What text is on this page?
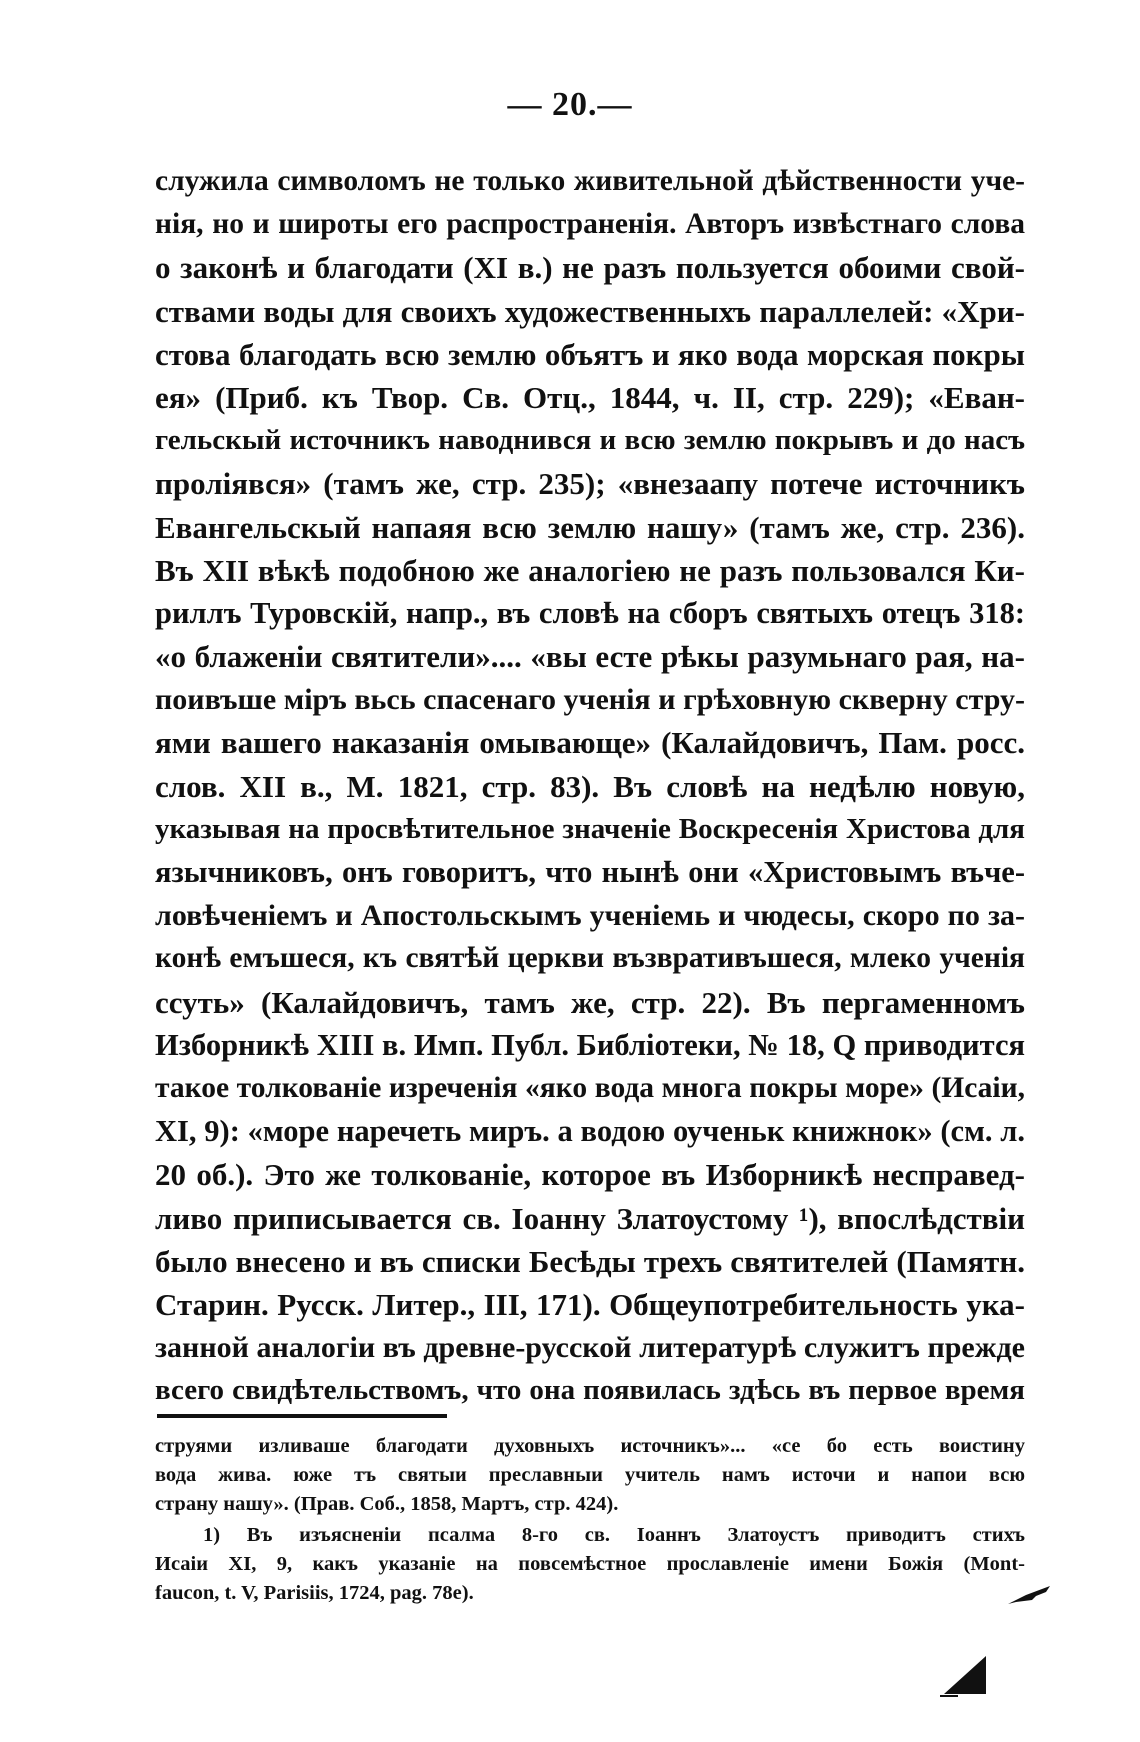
— 20.—
служила символомъ не только живительной дѣйственности уче-
нія, но и широты его распространенія. Авторъ извѣстнаго слова
о законѣ и благодати (XI в.) не разъ пользуется обоими свой-
ствами воды для своихъ художественныхъ параллелей: «Хри-
стова благодать всю землю объятъ и яко вода морская покры
ея» (Приб. къ Твор. Св. Отц., 1844, ч. II, стр. 229); «Еван-
гельскый источникъ наводнився и всю землю покрывъ и до насъ
проліявся» (тамъ же, стр. 235); «внезаапу потече источникъ
Евангельскый напаяя всю землю нашу» (тамъ же, стр. 236).
Въ XII вѣкѣ подобною же аналогіею не разъ пользовался Ки-
риллъ Туровскій, напр., въ словѣ на сборъ святыхъ отецъ 318:
«о блаженіи святители».... «вы есте рѣкы разумьнаго рая, на-
поивъше міръ вьсь спасенаго ученія и грѣховную скверну стру-
ями вашего наказанія омывающе» (Калайдовичъ, Пам. росс.
слов. XII в., М. 1821, стр. 83). Въ словѣ на недѣлю новую,
указывая на просвѣтительное значеніе Воскресенія Христова для
язычниковъ, онъ говоритъ, что нынѣ они «Христовымъ въче-
ловѣченіемъ и Апостольскымъ ученіемь и чюдесы, скоро по за-
конѣ емъшеся, къ святѣй церкви възвративъшеся, млеко ученія
ссуть» (Калайдовичъ, тамъ же, стр. 22). Въ пергаменномъ
Изборникѣ XIII в. Имп. Публ. Библіотеки, № 18, Q приводится
такое толкованіе изреченія «яко вода многа покры море» (Исаіи,
XI, 9): «море наречеть миръ. а водою оученьк книжнок» (см. л.
20 об.). Это же толкованіе, которое въ Изборникѣ несправед-
ливо приписывается св. Іоанну Златоустому ¹), впослѣдствіи
было внесено и въ списки Бесѣды трехъ святителей (Памятн.
Старин. Русск. Литер., III, 171). Общеупотребительность ука-
занной аналогіи въ древне-русской литературѣ служитъ прежде
всего свидѣтельствомъ, что она появилась здѣсь въ первое время
струями изливаше благодати духовныхъ источникъ»... «се бо есть воистину
вода жива. юже тъ святыи преславныи учитель намъ источи и напои всю
страну нашу». (Прав. Соб., 1858, Мартъ, стр. 424).
1) Въ изъясненіи псалма 8-го св. Іоаннъ Златоустъ приводитъ стихъ
Исаіи XI, 9, какъ указаніе на повсемѣстное прославленіе имени Божія (Mont-
faucon, t. V, Parisiis, 1724, pag. 78e).
